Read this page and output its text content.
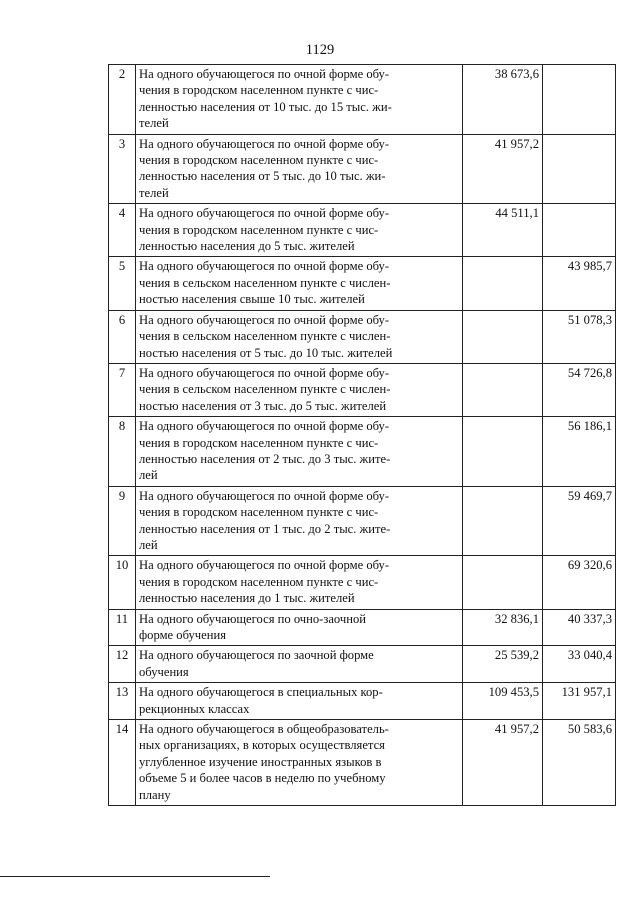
1129
2	На одного обучающегося по очной форме обу-
чения в городском населенном пункте с чис-
ленностью населения от 10 тыс. до 15 тыс. жи-
телей	38 673,6	
3	На одного обучающегося по очной форме обу-
чения в городском населенном пункте с чис-
ленностью населения от 5 тыс. до 10 тыс. жи-
телей	41 957,2	
4	На одного обучающегося по очной форме обу-
чения в городском населенном пункте с чис-
ленностью населения до 5 тыс. жителей	44 511,1	
5	На одного обучающегося по очной форме обу-
чения в сельском населенном пункте с числен-
ностью населения свыше 10 тыс. жителей		43 985,7
6	На одного обучающегося по очной форме обу-
чения в сельском населенном пункте с числен-
ностью населения от 5 тыс. до 10 тыс. жителей		51 078,3
7	На одного обучающегося по очной форме обу-
чения в сельском населенном пункте с числен-
ностью населения от 3 тыс. до 5 тыс. жителей		54 726,8
8	На одного обучающегося по очной форме обу-
чения в городском населенном пункте с чис-
ленностью населения от 2 тыс. до 3 тыс. жите-
лей		56 186,1
9	На одного обучающегося по очной форме обу-
чения в городском населенном пункте с чис-
ленностью населения от 1 тыс. до 2 тыс. жите-
лей		59 469,7
10	На одного обучающегося по очной форме обу-
чения в городском населенном пункте с чис-
ленностью населения до 1 тыс. жителей		69 320,6
11	На одного обучающегося по очно-заочной
форме обучения	32 836,1	40 337,3
12	На одного обучающегося по заочной форме
обучения	25 539,2	33 040,4
13	На одного обучающегося в специальных кор-
рекционных классах	109 453,5	131 957,1
14	На одного обучающегося в общеобразователь-
ных организациях, в которых осуществляется
углубленное изучение иностранных языков в
объеме 5 и более часов в неделю по учебному
плану	41 957,2	50 583,6
